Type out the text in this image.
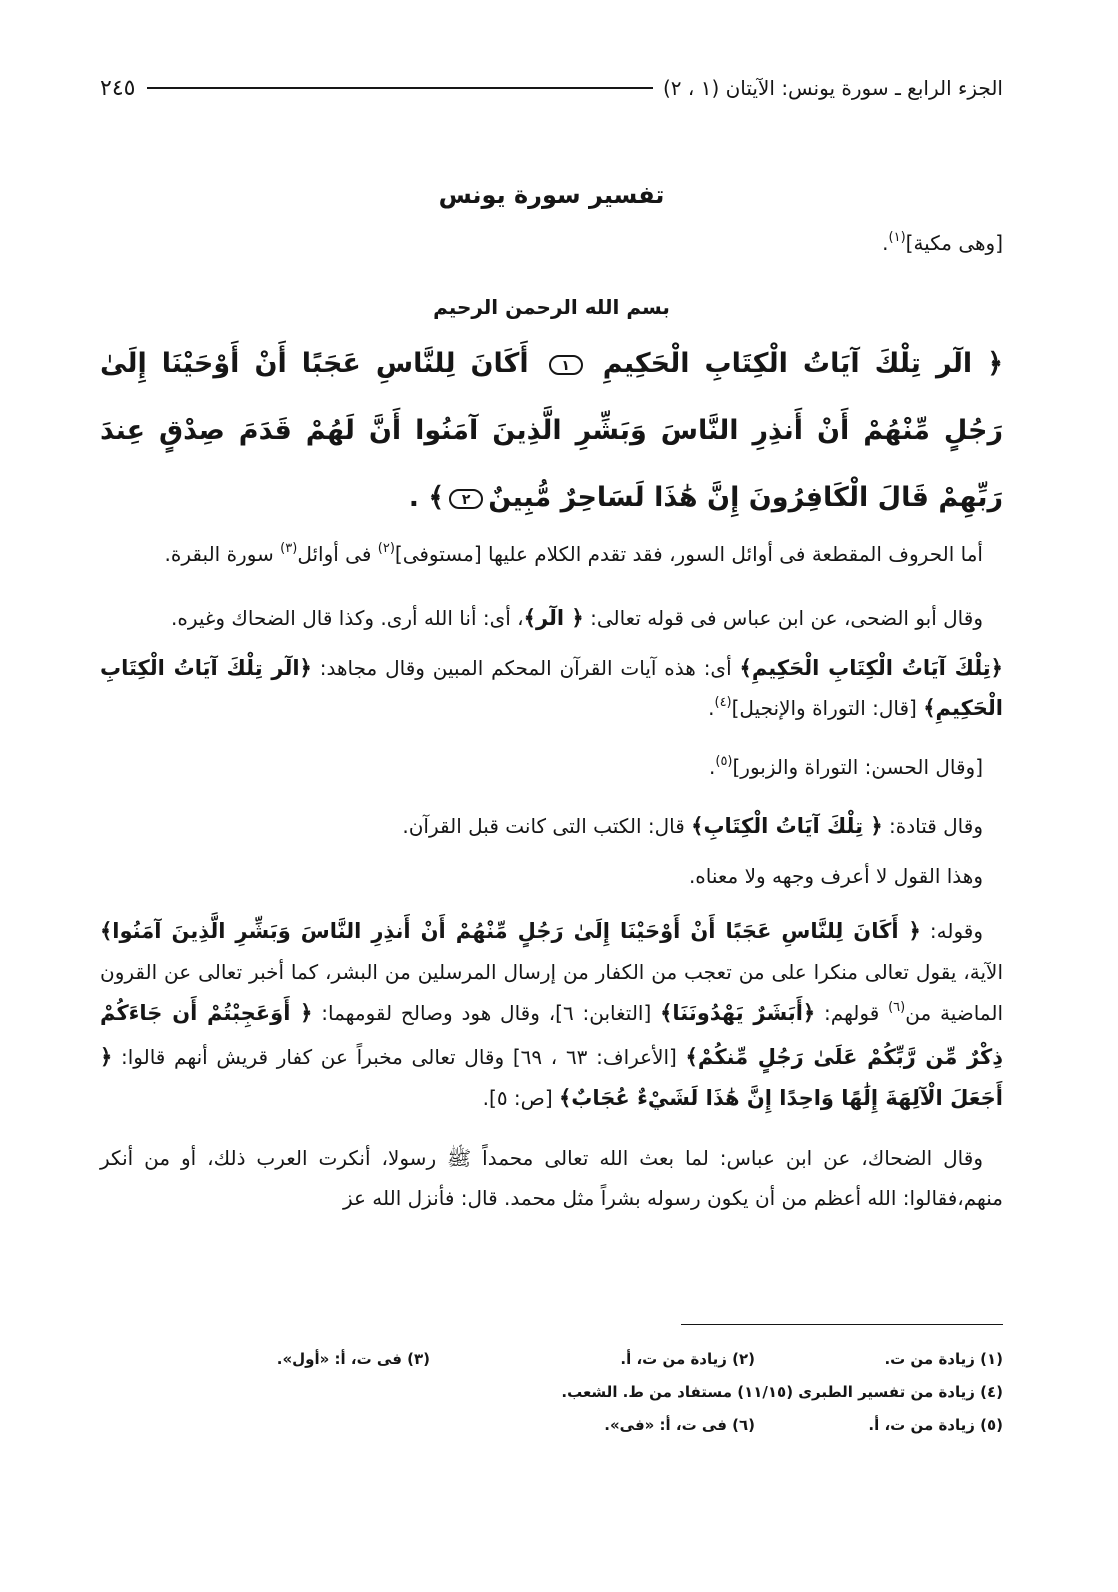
الجزء الرابع ـ سورة يونس: الآيتان (١ ، ٢)
٢٤٥
تفسير سورة يونس
[وهى مكية]$^{(١)}$.
بسم الله الرحمن الرحيم
﴿ الٓر تِلْكَ آيَاتُ الْكِتَابِ الْحَكِيمِ ١ أَكَانَ لِلنَّاسِ عَجَبًا أَنْ أَوْحَيْنَا إِلَىٰ رَجُلٍ مِّنْهُمْ أَنْ أَنذِرِ النَّاسَ وَبَشِّرِ الَّذِينَ آمَنُوا أَنَّ لَهُمْ قَدَمَ صِدْقٍ عِندَ رَبِّهِمْ قَالَ الْكَافِرُونَ إِنَّ هَٰذَا لَسَاحِرٌ مُّبِينٌ٢﴾ .

أما الحروف المقطعة فى أوائل السور، فقد تقدم الكلام عليها [مستوفى]$^{(٢)}$ فى أوائل$^{(٣)}$ سورة البقرة.

وقال أبو الضحى، عن ابن عباس فى قوله تعالى: ﴿ الٓر﴾، أى: أنا الله أرى. وكذا قال الضحاك وغيره.

﴿تِلْكَ آيَاتُ الْكِتَابِ الْحَكِيمِ﴾ أى: هذه آيات القرآن المحكم المبين وقال مجاهد: ﴿الٓر تِلْكَ آيَاتُ الْكِتَابِ الْحَكِيمِ﴾ [قال: التوراة والإنجيل]$^{(٤)}$.

[وقال الحسن: التوراة والزبور]$^{(٥)}$.

وقال قتادة: ﴿ تِلْكَ آيَاتُ الْكِتَابِ﴾ قال: الكتب التى كانت قبل القرآن.

وهذا القول لا أعرف وجهه ولا معناه.

وقوله: ﴿ أَكَانَ لِلنَّاسِ عَجَبًا أَنْ أَوْحَيْنَا إِلَىٰ رَجُلٍ مِّنْهُمْ أَنْ أَنذِرِ النَّاسَ وَبَشِّرِ الَّذِينَ آمَنُوا﴾ الآية، يقول تعالى منكرا على من تعجب من الكفار من إرسال المرسلين من البشر، كما أخبر تعالى عن القرون الماضية من$^{(٦)}$ قولهم: ﴿أَبَشَرٌ يَهْدُونَنَا﴾ [التغابن: ٦]، وقال هود وصالح لقومهما: ﴿ أَوَعَجِبْتُمْ أَن جَاءَكُمْ ذِكْرٌ مِّن رَّبِّكُمْ عَلَىٰ رَجُلٍ مِّنكُمْ﴾ [الأعراف: ٦٣ ، ٦٩] وقال تعالى مخبراً عن كفار قريش أنهم قالوا: ﴿ أَجَعَلَ الْآلِهَةَ إِلَٰهًا وَاحِدًا إِنَّ هَٰذَا لَشَيْءٌ عُجَابٌ﴾ [ص: ٥].

وقال الضحاك، عن ابن عباس: لما بعث الله تعالى محمداً ﷺ رسولا، أنكرت العرب ذلك، أو من أنكر منهم،فقالوا: الله أعظم من أن يكون رسوله بشراً مثل محمد. قال: فأنزل الله عز

(١) زيادة من ت.
(٢) زيادة من ت، أ.
(٣) فى ت، أ: «أول».
(٤) زيادة من تفسير الطبرى (١١/١٥) مستفاد من ط. الشعب.
(٥) زيادة من ت، أ.
(٦) فى ت، أ: «فى».
